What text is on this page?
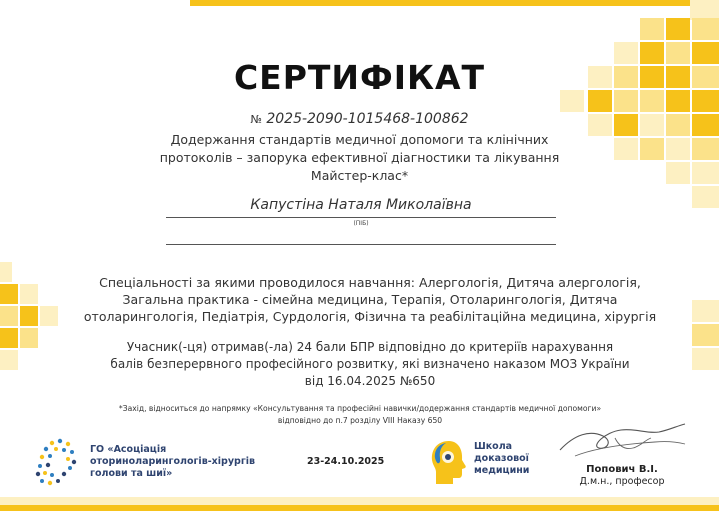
СЕРТИФІКАТ
№ 2025-2090-1015468-100862
Додержання стандартів медичної допомоги та клінічних
протоколів – запорука ефективної діагностики та лікування
Майстер-клас*
Капустіна Наталя Миколаївна
(ПІБ)
Спеціальності за якими проводилося навчання: Алергологія, Дитяча алергологія,
Загальна практика - сімейна медицина, Терапія, Отоларингологія, Дитяча
отоларингологія, Педіатрія, Сурдологія, Фізична та реабілітаційна медицина, хірургія
Учасник(-ця) отримав(-ла) 24 бали БПР відповідно до критеріїв нарахування
балів безперервного професійного розвитку, які визначено наказом МОЗ України
від 16.04.2025 №650
*Захід, відноситься до напрямку «Консультування та професійні навички/додержання стандартів медичної допомоги»
відповідно до п.7 розділу VIII Наказу 650
ГО «Асоціація
оториноларингологів-хірургів
голови та шиї»
23-24.10.2025
Школа
доказової
медицини	Попович В.І.
Д.м.н., професор
